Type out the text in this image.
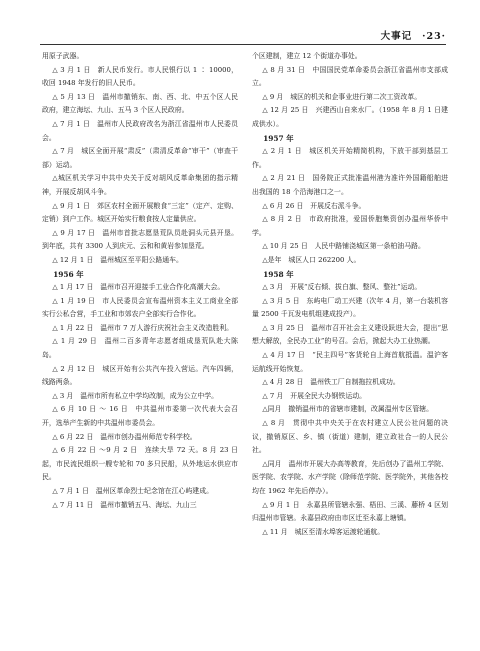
大事记 ·23·

用原子武器。

△ 3 月 1 日　新人民币发行。市人民银行以 1 ∶ 10000，收回 1948 年发行的旧人民币。

△ 5 月 13 日　温州市撤销东、南、西、北、中五个区人民政府，建立海坛、九山、五马 3 个区人民政府。

△ 7 月 1 日　温州市人民政府改名为浙江省温州市人民委员会。

△ 7 月　城区全面开展“肃反”（肃清反革命“审干”（审查干部）运动。

△城区机关学习中共中央关于反对胡风反革命集团的指示精神，开展反胡风斗争。

△ 9 月 1 日　郊区农村全面开展粮食“三定”（定产、定购、定销）到户工作。城区开始实行粮食按人定量供应。

△ 9 月 17 日　温州市首批志愿垦荒队员赴洞头元县开垦。到年底，共有 3300 人到庆元、云和和黄岩参加垦荒。

△ 12 月 1 日　温州城区至平阳公路通车。

1956 年

△ 1 月 17 日　温州市召开迎接手工业合作化高潮大会。

△ 1 月 19 日　市人民委员会宣布温州资本主义工商业全部实行公私合营，手工业和市郊农户全部实行合作化。

△ 1 月 22 日　温州市 7 万人游行庆祝社会主义改造胜利。

△ 1 月 29 日　温州二百多青年志愿者组成垦荒队赴大陈岛。

△ 2 月 12 日　城区开始有公共汽车投入营运。汽车四辆，线路两条。

△ 3 月　温州市所有私立中学均改制，成为公立中学。

△ 6 月 10 日 ～ 16 日　中共温州市委第一次代表大会召开，选举产生新的中共温州市委员会。

△ 6 月 22 日　温州市创办温州师范专科学校。

△ 6 月 22 日 ～9 月 2 日　连续大旱 72 天。8 月 23 日起，市民流民组织一艘专轮和 70 多只民船，从外地运水供应市民。

△ 7 月 1 日　温州区革命烈士纪念馆在江心屿建成。

△ 7 月 11 日　温州市撤销五马、海坛、九山三

个区建制，建立 12 个街道办事处。

△ 8 月 31 日　中国国民党革命委员会浙江省温州市支部成立。

△ 9 月　城区的机关和企事业进行第二次工资改革。

△ 12 月 25 日　兴建西山自来水厂。（1958 年 8 月 1 日建成供水）。

1957 年

△ 2 月 1 日　城区机关开始精简机构，下放干部到基层工作。

△ 2 月 21 日　国务院正式批准温州港为准许外国籍船舶进出我国的 18 个沿海港口之一。

△ 6 月 26 日　开展反右派斗争。

△ 8 月 2 日　市政府批准，爱国侨胞集资创办温州华侨中学。

△ 10 月 25 日　人民中路铺浇城区第一条柏油马路。

△是年　城区人口 262200 人。

1958 年

△ 3 月　开展“反右倾、拔白旗、整风、整社”运动。

△ 3 月 5 日　东屿电厂动工兴建（次年 4 月，第一台装机容量 2500 千瓦发电机组建成投产）。

△ 3 月 25 日　温州市召开社会主义建设跃进大会，提出“思想大解放，全民办工业”的号召。会后，掀起大办工业热潮。

△ 4 月 17 日　“民主四号”客货轮自上海首航抵温。温沪客运航线开始恢复。

△ 4 月 28 日　温州铁工厂自制拖拉机成功。

△ 7 月　开展全民大办钢铁运动。

△同月　撤销温州市的省辖市建制，改属温州专区管辖。

△ 8 月　贯彻中共中央关于在农村建立人民公社问题的决议，撤销原区、乡、镇（街道）建制，建立政社合一的人民公社。

△同月　温州市开展大办高等教育，先后创办了温州工学院、医学院、农学院、水产学院（除师范学院、医学院外，其他各校均在 1962 年先后停办）。

△ 9 月 1 日　永嘉县所管辖永强、梧田、三溪、藤桥 4 区划归温州市管辖。永嘉县政府由市区迁至永嘉上塘镇。

△ 11 月　城区至清水埠客运渡轮通航。
